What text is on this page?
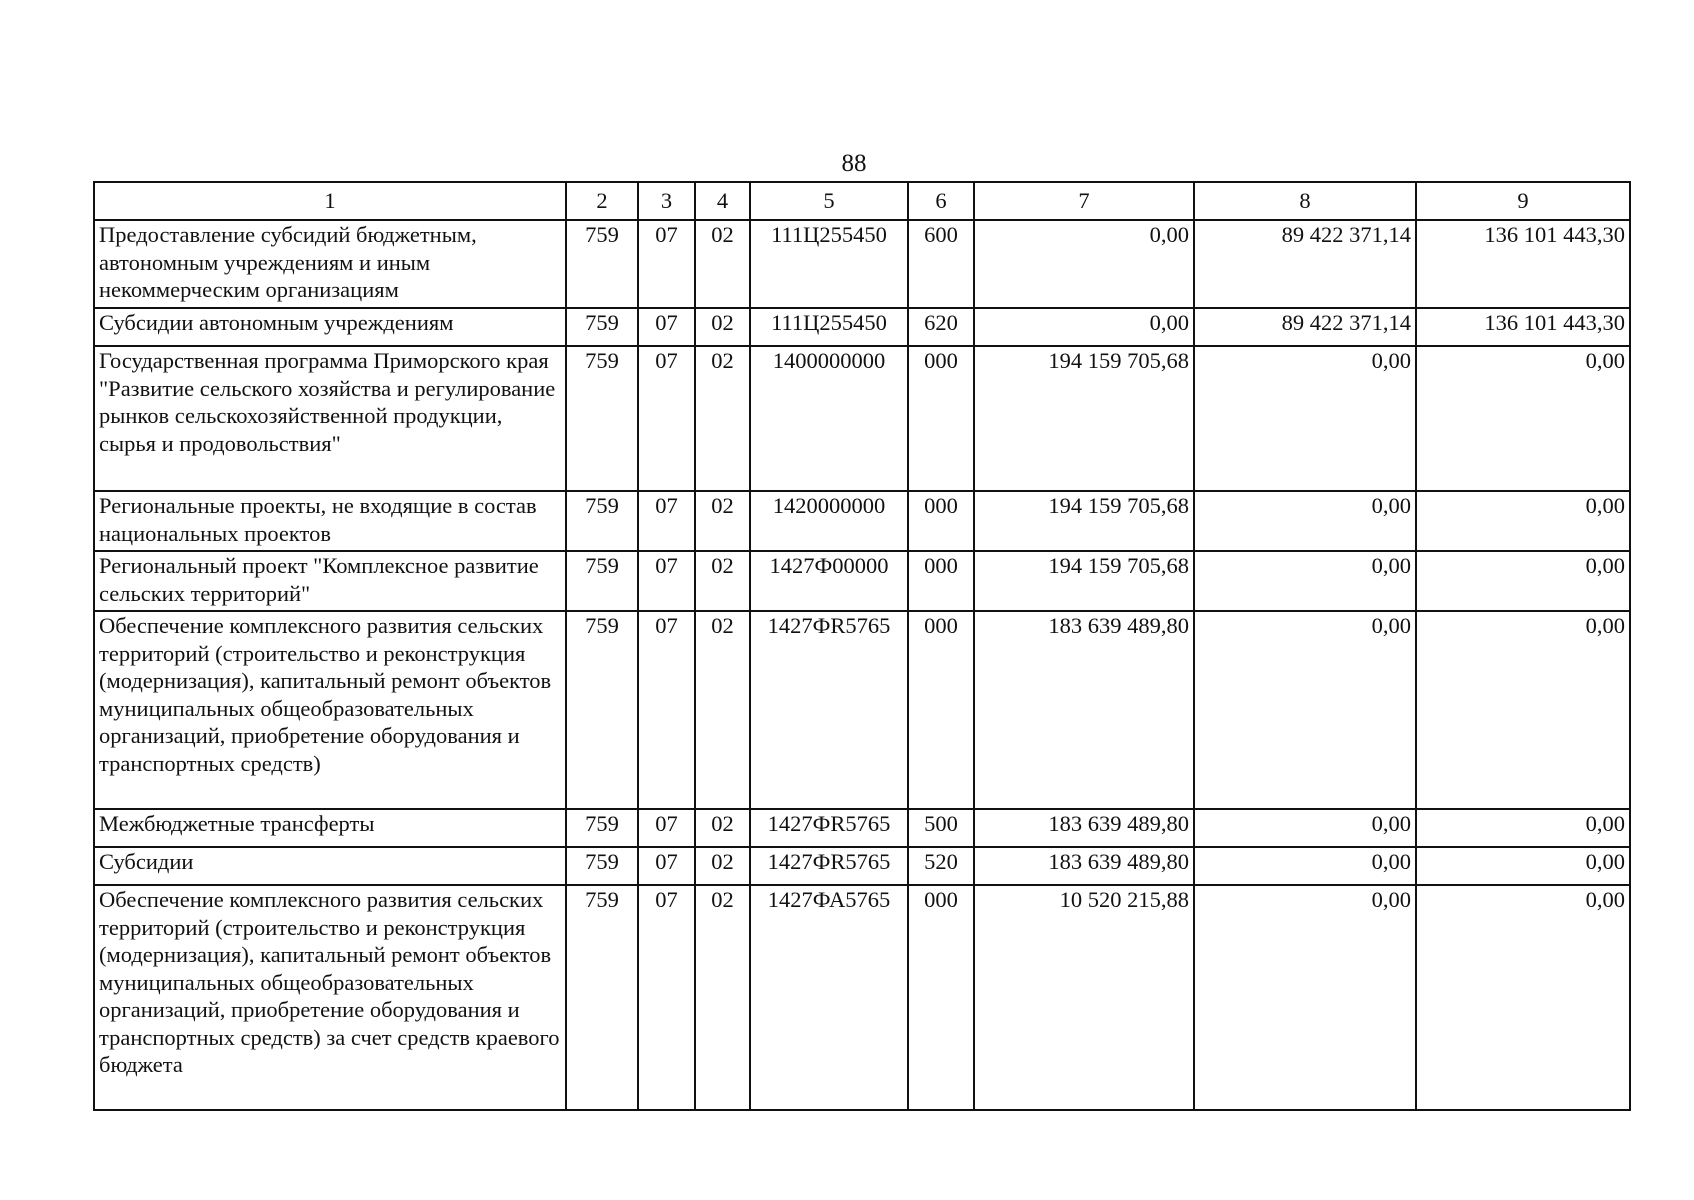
88
1	2	3	4	5	6	7	8	9
Предоставление субсидий бюджетным, автономным учреждениям и иным некоммерческим организациям	759	07	02	111Ц255450	600	0,00	89 422 371,14	136 101 443,30
Субсидии автономным учреждениям	759	07	02	111Ц255450	620	0,00	89 422 371,14	136 101 443,30
Государственная программа Приморского края "Развитие сельского хозяйства и регулирование рынков сельскохозяйственной продукции, сырья и продовольствия"	759	07	02	1400000000	000	194 159 705,68	0,00	0,00
Региональные проекты, не входящие в состав национальных проектов	759	07	02	1420000000	000	194 159 705,68	0,00	0,00
Региональный проект "Комплексное развитие сельских территорий"	759	07	02	1427Ф00000	000	194 159 705,68	0,00	0,00
Обеспечение комплексного развития сельских территорий (строительство и реконструкция (модернизация), капитальный ремонт объектов муниципальных общеобразовательных организаций, приобретение оборудования и транспортных средств)	759	07	02	1427ФR5765	000	183 639 489,80	0,00	0,00
Межбюджетные трансферты	759	07	02	1427ФR5765	500	183 639 489,80	0,00	0,00
Субсидии	759	07	02	1427ФR5765	520	183 639 489,80	0,00	0,00
Обеспечение комплексного развития сельских территорий (строительство и реконструкция (модернизация), капитальный ремонт объектов муниципальных общеобразовательных организаций, приобретение оборудования и транспортных средств) за счет средств краевого бюджета	759	07	02	1427ФА5765	000	10 520 215,88	0,00	0,00
